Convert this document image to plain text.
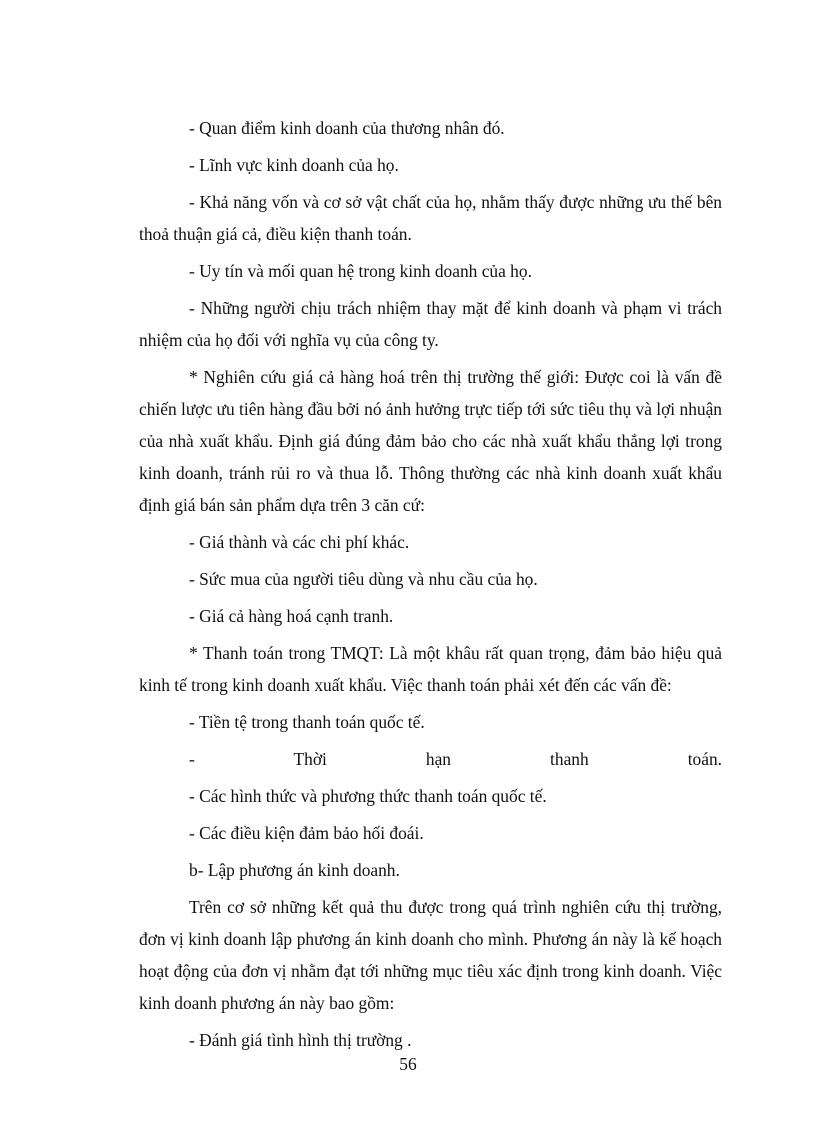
- Quan điểm kinh doanh của thương nhân đó.

- Lĩnh vực kinh doanh của họ.

- Khả năng vốn và cơ sở vật chất của họ, nhằm thấy được những ưu thế bên thoả thuận giá cả, điều kiện thanh toán.

- Uy tín và mối quan hệ trong kinh doanh của họ.

- Những người chịu trách nhiệm thay mặt để kinh doanh và phạm vi trách nhiệm của họ đối với nghĩa vụ của công ty.

* Nghiên cứu giá cả hàng hoá trên thị trường thế giới: Được coi là vấn đề chiến lược ưu tiên hàng đầu bởi nó ảnh hưởng trực tiếp tới sức tiêu thụ và lợi nhuận của nhà xuất khẩu. Định giá đúng đảm bảo cho các nhà xuất khẩu thắng lợi trong kinh doanh, tránh rủi ro và thua lỗ. Thông thường các nhà kinh doanh xuất khẩu định giá bán sản phẩm dựa trên 3 căn cứ:

- Giá thành và các chi phí khác.

- Sức mua của người tiêu dùng và nhu cầu của họ.

- Giá cả hàng hoá cạnh tranh.

* Thanh toán trong TMQT: Là một khâu rất quan trọng, đảm bảo hiệu quả kinh tế trong kinh doanh xuất khẩu. Việc thanh toán phải xét đến các vấn đề:

- Tiền tệ trong thanh toán quốc tế.

- Thời hạn thanh toán.

- Các hình thức và phương thức thanh toán quốc tế.

- Các điều kiện đảm bảo hối đoái.

b- Lập phương án kinh doanh.

Trên cơ sở những kết quả thu được trong quá trình nghiên cứu thị trường, đơn vị kinh doanh lập phương án kinh doanh cho mình. Phương án này là kế hoạch hoạt động của đơn vị nhằm đạt tới những mục tiêu xác định trong kinh doanh. Việc kinh doanh phương án này bao gồm:

- Đánh giá tình hình thị trường .

56
